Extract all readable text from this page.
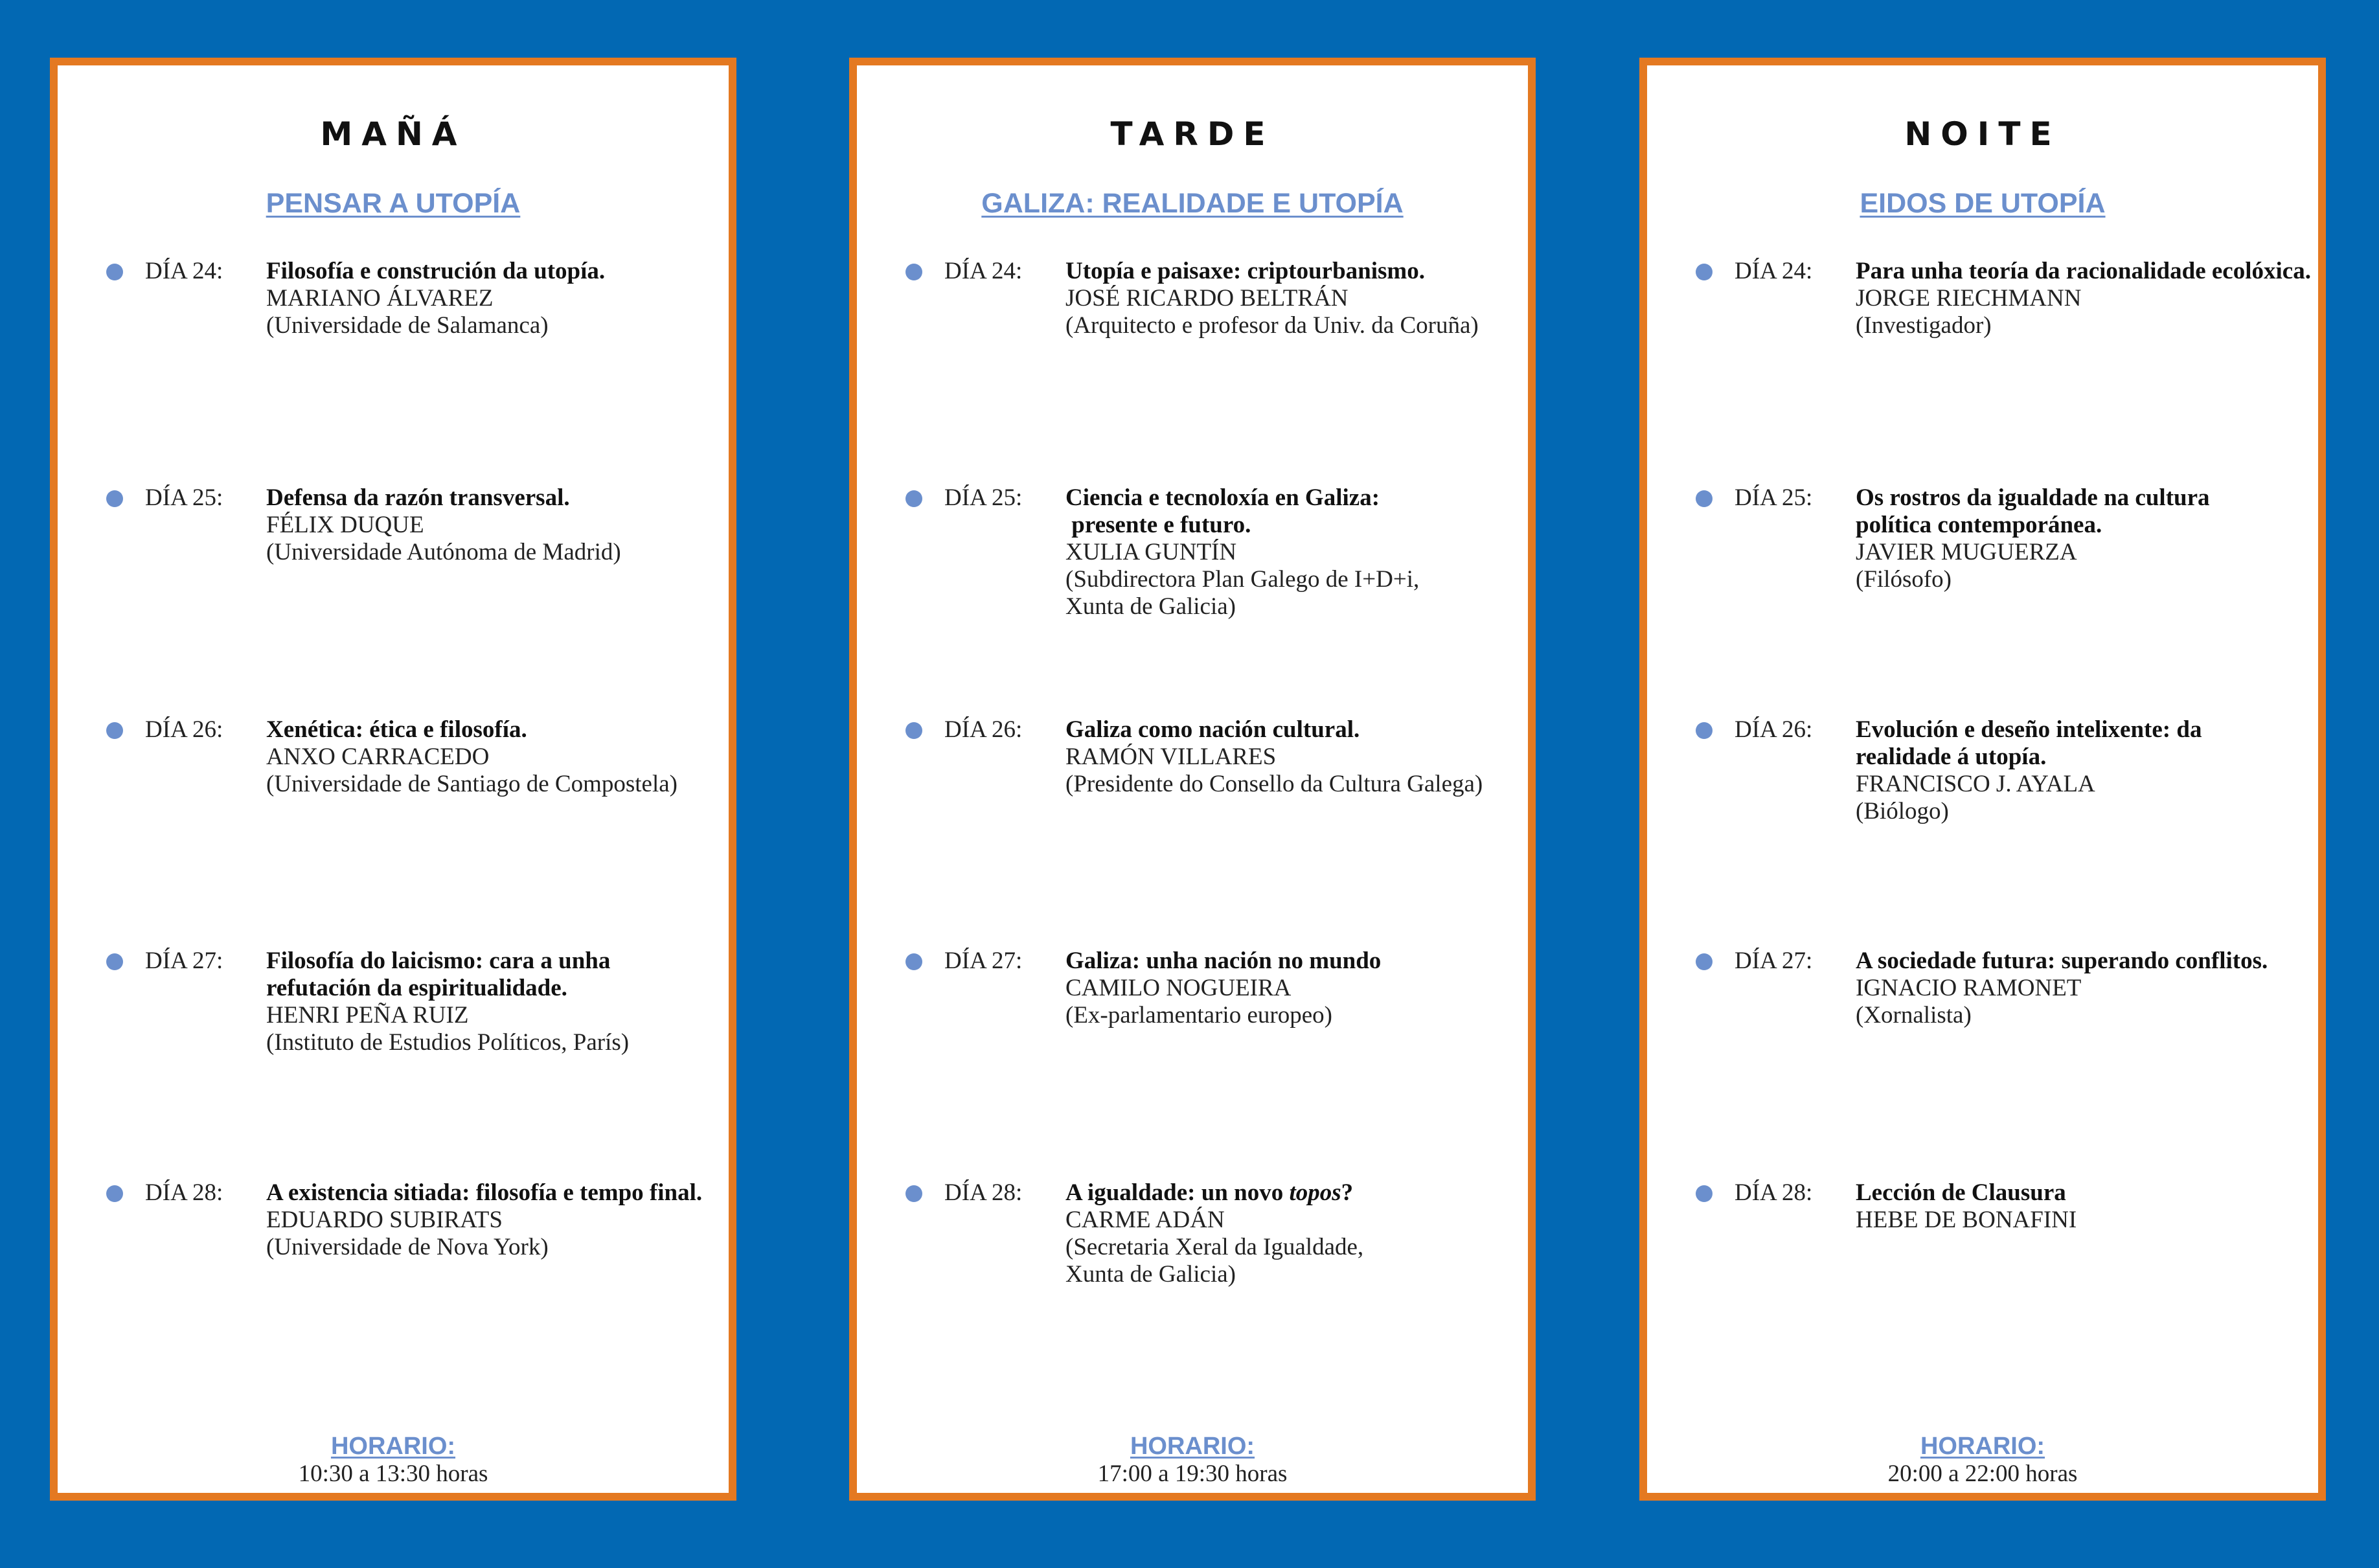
MAÑÁ
PENSAR A UTOPÍA
DÍA 24: Filosofía e construción da utopía.
MARIANO ÁLVAREZ
(Universidade de Salamanca)
DÍA 25: Defensa da razón transversal.
FÉLIX DUQUE
(Universidade Autónoma de Madrid)
DÍA 26: Xenética: ética e filosofía.
ANXO CARRACEDO
(Universidade de Santiago de Compostela)
DÍA 27: Filosofía do laicismo: cara a unha
refutación da espiritualidade.
HENRI PEÑA RUIZ
(Instituto de Estudios Políticos, París)
DÍA 28: A existencia sitiada: filosofía e tempo final.
EDUARDO SUBIRATS
(Universidade de Nova York)
HORARIO:
10:30 a 13:30 horas
TARDE
GALIZA: REALIDADE E UTOPÍA
DÍA 24: Utopía e paisaxe: criptourbanismo.
JOSÉ RICARDO BELTRÁN
(Arquitecto e profesor da Univ. da Coruña)
DÍA 25: Ciencia e tecnoloxía en Galiza:
presente e futuro.
XULIA GUNTÍN
(Subdirectora Plan Galego de I+D+i,
Xunta de Galicia)
DÍA 26: Galiza como nación cultural.
RAMÓN VILLARES
(Presidente do Consello da Cultura Galega)
DÍA 27: Galiza: unha nación no mundo
CAMILO NOGUEIRA
(Ex-parlamentario europeo)
DÍA 28: A igualdade: un novo topos?
CARME ADÁN
(Secretaria Xeral da Igualdade,
Xunta de Galicia)
HORARIO:
17:00 a 19:30 horas
NOITE
EIDOS DE UTOPÍA
DÍA 24: Para unha teoría da racionalidade ecolóxica.
JORGE RIECHMANN
(Investigador)
DÍA 25: Os rostros da igualdade na cultura
política contemporánea.
JAVIER MUGUERZA
(Filósofo)
DÍA 26: Evolución e deseño intelixente: da
realidade á utopía.
FRANCISCO J. AYALA
(Biólogo)
DÍA 27: A sociedade futura: superando conflitos.
IGNACIO RAMONET
(Xornalista)
DÍA 28: Lección de Clausura
HEBE DE BONAFINI
HORARIO:
20:00 a 22:00 horas
